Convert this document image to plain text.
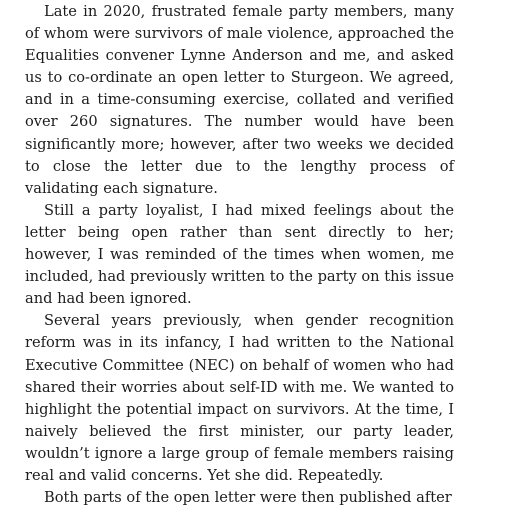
Late in 2020, frustrated female party members, many of whom were survivors of male violence, approached the Equalities convener Lynne Anderson and me, and asked us to co-ordinate an open letter to Sturgeon. We agreed, and in a time-consuming exercise, collated and verified over 260 signatures. The number would have been significantly more; however, after two weeks we decided to close the letter due to the lengthy process of validating each signature.

Still a party loyalist, I had mixed feelings about the letter being open rather than sent directly to her; however, I was reminded of the times when women, me included, had previously written to the party on this issue and had been ignored.

Several years previously, when gender recognition reform was in its infancy, I had written to the National Executive Committee (NEC) on behalf of women who had shared their worries about self-ID with me. We wanted to highlight the potential impact on survivors. At the time, I naively believed the first minister, our party leader, wouldn’t ignore a large group of female members raising real and valid concerns. Yet she did. Repeatedly.

Both parts of the open letter were then published after
